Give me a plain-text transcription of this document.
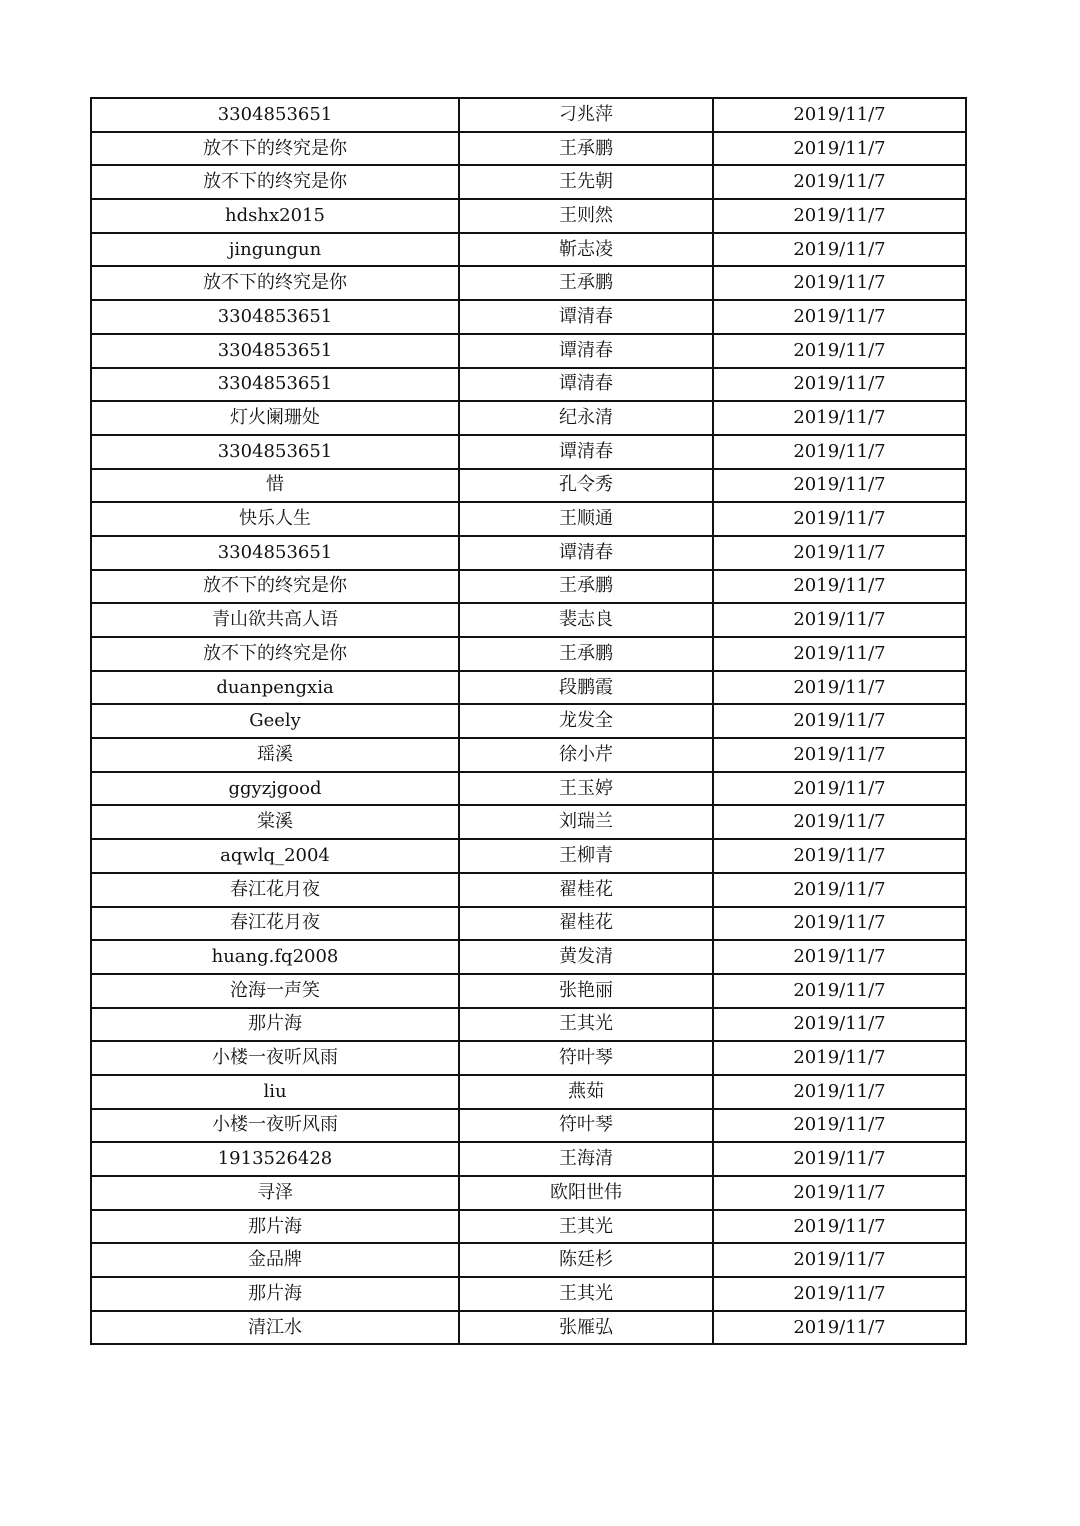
3304853651	刁兆萍	2019/11/7
放不下的终究是你	王承鹏	2019/11/7
放不下的终究是你	王先朝	2019/11/7
hdshx2015	王则然	2019/11/7
jingungun	靳志凌	2019/11/7
放不下的终究是你	王承鹏	2019/11/7
3304853651	谭清春	2019/11/7
3304853651	谭清春	2019/11/7
3304853651	谭清春	2019/11/7
灯火阑珊处	纪永清	2019/11/7
3304853651	谭清春	2019/11/7
惜	孔令秀	2019/11/7
快乐人生	王顺通	2019/11/7
3304853651	谭清春	2019/11/7
放不下的终究是你	王承鹏	2019/11/7
青山欲共高人语	裴志良	2019/11/7
放不下的终究是你	王承鹏	2019/11/7
duanpengxia	段鹏霞	2019/11/7
Geely	龙发全	2019/11/7
瑶溪	徐小芹	2019/11/7
ggyzjgood	王玉婷	2019/11/7
棠溪	刘瑞兰	2019/11/7
aqwlq_2004	王柳青	2019/11/7
春江花月夜	翟桂花	2019/11/7
春江花月夜	翟桂花	2019/11/7
huang.fq2008	黄发清	2019/11/7
沧海一声笑	张艳丽	2019/11/7
那片海	王其光	2019/11/7
小楼一夜听风雨	符叶琴	2019/11/7
liu	燕茹	2019/11/7
小楼一夜听风雨	符叶琴	2019/11/7
1913526428	王海清	2019/11/7
寻泽	欧阳世伟	2019/11/7
那片海	王其光	2019/11/7
金品牌	陈廷杉	2019/11/7
那片海	王其光	2019/11/7
清江水	张雁弘	2019/11/7
